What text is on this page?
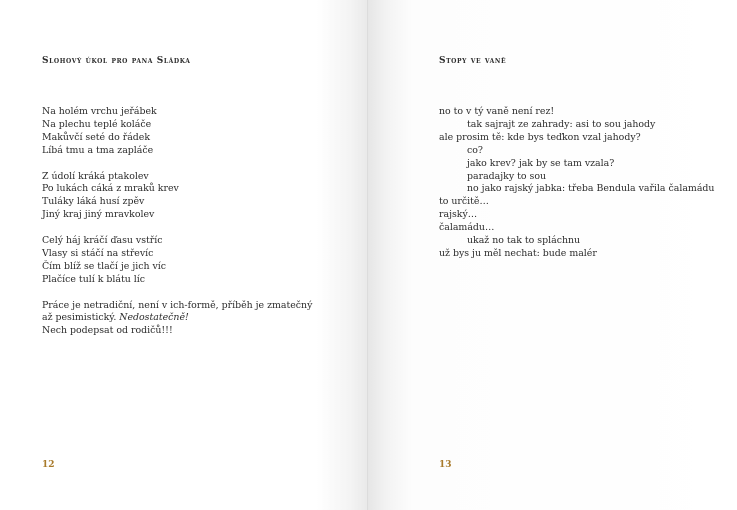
Slohový úkol pro pana Sládka
Na holém vrchu jeřábek
Na plechu teplé koláče
Makůvčí seté do řádek
Líbá tmu a tma zapláče
Z údolí kráká ptakolev
Po lukách cáká z mraků krev
Tuláky láká husí zpěv
Jiný kraj jiný mravkolev
Celý háj kráčí ďasu vstříc
Vlasy si stáčí na střevíc
Čím blíž se tlačí je jich víc
Plačíce tulí k blátu líc
Práce je netradiční, není v ich-formě, příběh je zmatečný
až pesimistický. Nedostatečně!
Nech podepsat od rodičů!!!
12
Stopy ve vaně
no to v tý vaně není rez!
tak sajrajt ze zahrady: asi to sou jahody
ale prosim tě: kde bys teďkon vzal jahody?
co?
jako krev? jak by se tam vzala?
paradajky to sou
no jako rajský jabka: třeba Bendula vařila čalamádu
to určitě…
rajský…
čalamádu…
ukaž no tak to spláchnu
už bys ju měl nechat: bude malér
13
